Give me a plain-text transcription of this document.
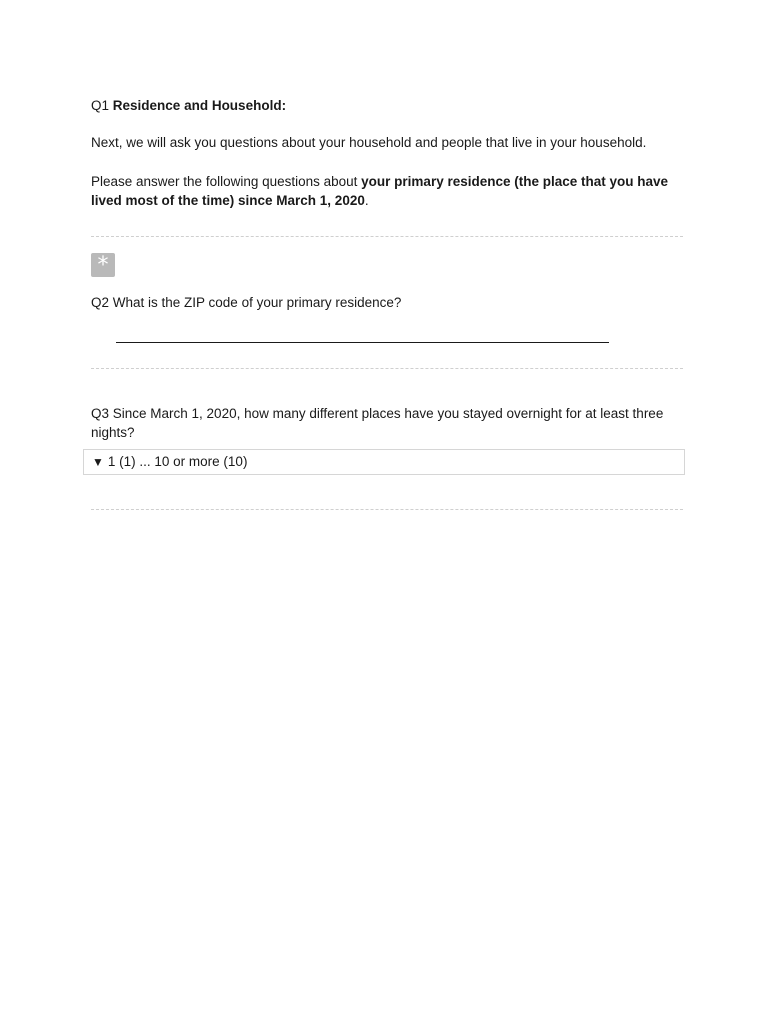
Q1 Residence and Household:
Next, we will ask you questions about your household and people that live in your household.
Please answer the following questions about your primary residence (the place that you have lived most of the time) since March 1, 2020.
*
Q2 What is the ZIP code of your primary residence?
Q3 Since March 1, 2020, how many different places have you stayed overnight for at least three nights?
▼ 1 (1) ... 10 or more (10)
